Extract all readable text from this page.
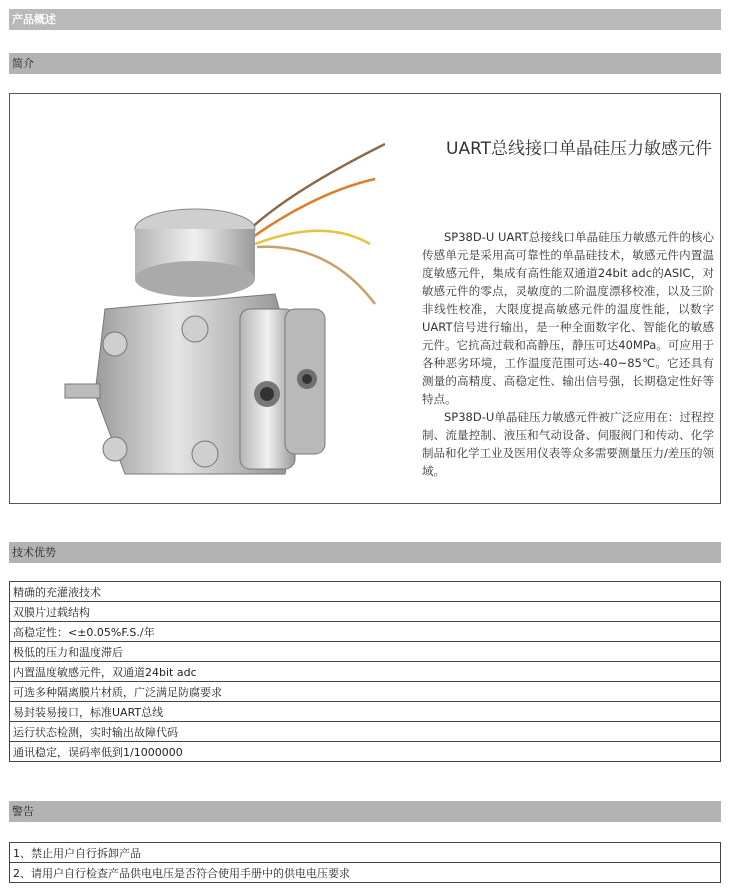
产品概述
简介
UART总线接口单晶硅压力敏感元件

SP38D-U UART总接线口单晶硅压力敏感元件的核心传感单元是采用高可靠性的单晶硅技术，敏感元件内置温度敏感元件，集成有高性能双通道24bit adc的ASIC，对敏感元件的零点，灵敏度的二阶温度漂移校准，以及三阶非线性校准，大限度提高敏感元件的温度性能，以数字UART信号进行输出，是一种全面数字化、智能化的敏感元件。它抗高过载和高静压，静压可达40MPa。可应用于各种恶劣环境，工作温度范围可达-40~85℃。它还具有测量的高精度、高稳定性、输出信号强，长期稳定性好等特点。

SP38D-U单晶硅压力敏感元件被广泛应用在：过程控制、流量控制、液压和气动设备、伺服阀门和传动、化学制品和化学工业及医用仪表等众多需要测量压力/差压的领域。

技术优势
精确的充灌液技术
双膜片过载结构
高稳定性：<±0.05%F.S./年
极低的压力和温度滞后
内置温度敏感元件，双通道24bit adc
可选多种隔离膜片材质，广泛满足防腐要求
易封装易接口，标准UART总线
运行状态检测，实时输出故障代码
通讯稳定，误码率低到1/1000000
警告
1、禁止用户自行拆卸产品
2、请用户自行检查产品供电电压是否符合使用手册中的供电电压要求
